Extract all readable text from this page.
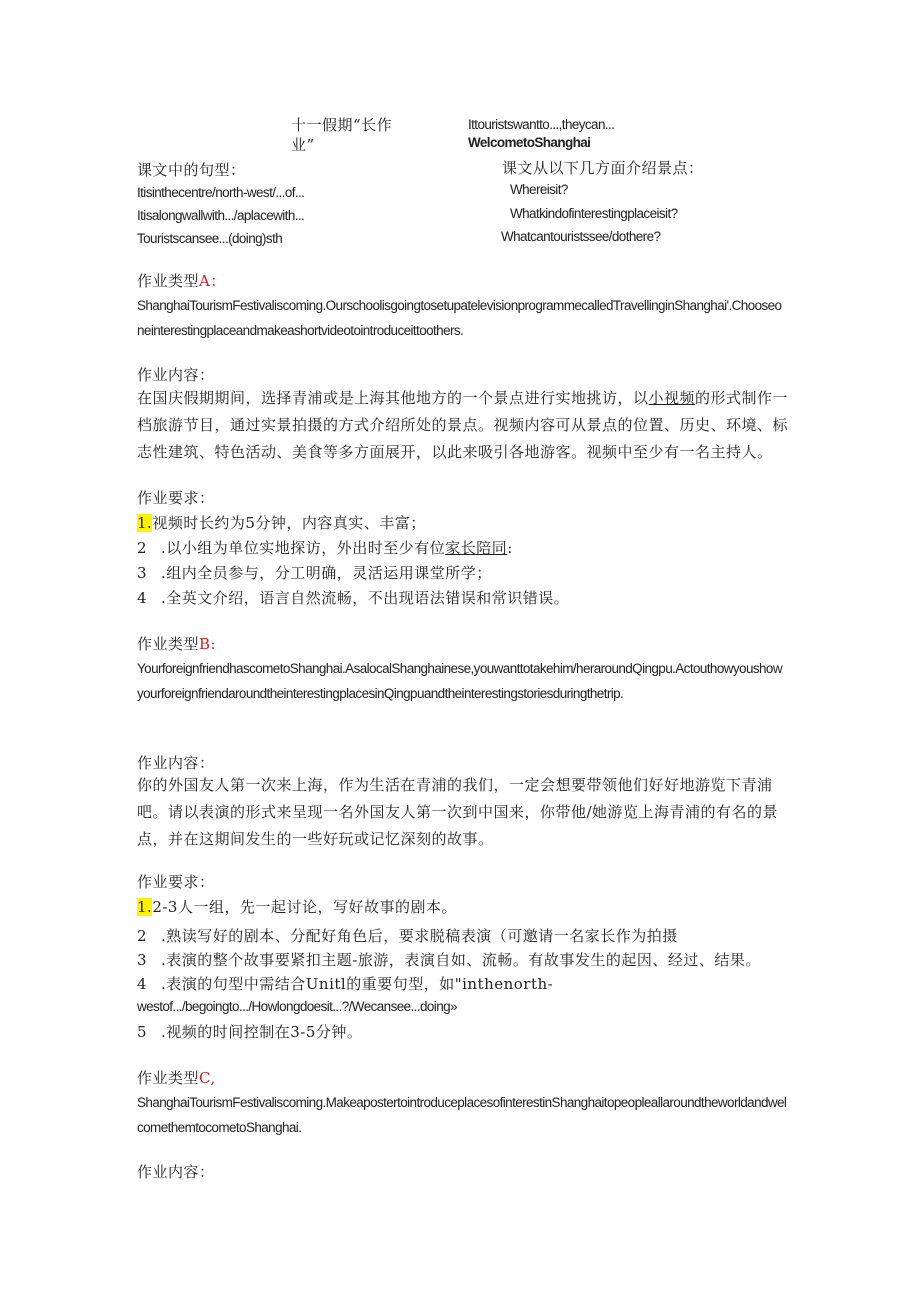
十一假期“长作
业”
Ittouristswantto...,theycan...
WelcometoShanghai
课文中的句型：
Itisinthecentre/north-west/...of...
Itisalongwallwith.../aplacewith...
Touristscansee...(doing)sth
课文从以下几方面介绍景点：
Whereisit?
Whatkindofinterestingplaceisit?
Whatcantouristssee/dothere?
作业类型A：
ShanghaiTourismFestivaliscoming.OurschoolisgoingtosetupatelevisionprogrammecalledTravellinginShanghai'.Chooseoneinterestingplaceandmakeashortvideotointroduceittoothers.
作业内容：
在国庆假期期间，选择青浦或是上海其他地方的一个景点进行实地挑访，以小视频的形式制作一档旅游节目，通过实景拍摄的方式介绍所处的景点。视频内容可从景点的位置、历史、环境、标志性建筑、特色活动、美食等多方面展开，以此来吸引各地游客。视频中至少有一名主持人。
作业要求：
1.视频时长约为5分钟，内容真实、丰富；
2 .以小组为单位实地探访，外出时至少有位家长陪同:
3 .组内全员参与，分工明确，灵活运用课堂所学；
4 .全英文介绍，语言自然流畅，不出现语法错误和常识错误。
作业类型B:
YourforeignfriendhascometoShanghai.AsalocalShanghainese,youwanttotakehim/heraroundQingpu.ActouthowyoushowyourforeignfriendaroundtheinterestingplacesinQingpuandtheinterestingstoriesduringthetrip.
作业内容：
你的外国友人第一次来上海，作为生活在青浦的我们，一定会想要带领他们好好地游览下青浦吧。请以表演的形式来呈现一名外国友人第一次到中国来，你带他/她游览上海青浦的有名的景点，并在这期间发生的一些好玩或记忆深刻的故事。
作业要求：
1.2-3人一组，先一起讨论，写好故事的剧本。
2 .熟读写好的剧本、分配好角色后，要求脱稿表演（可邀请一名家长作为拍摄
3 .表演的整个故事要紧扣主题-旅游，表演自如、流畅。有故事发生的起因、经过、结果。
4 .表演的句型中需结合Unitl的重要句型，如"inthenorth-
westof.../begoingto.../Howlongdoesit...?/Wecansee...doing»
5 .视频的时间控制在3-5分钟。
作业类型C,
ShanghaiTourismFestivaliscoming.MakeapostertointroduceplacesofinterestinShanghaitopeopleallaroundtheworldandwelcomethemtocometoShanghai.
作业内容：
